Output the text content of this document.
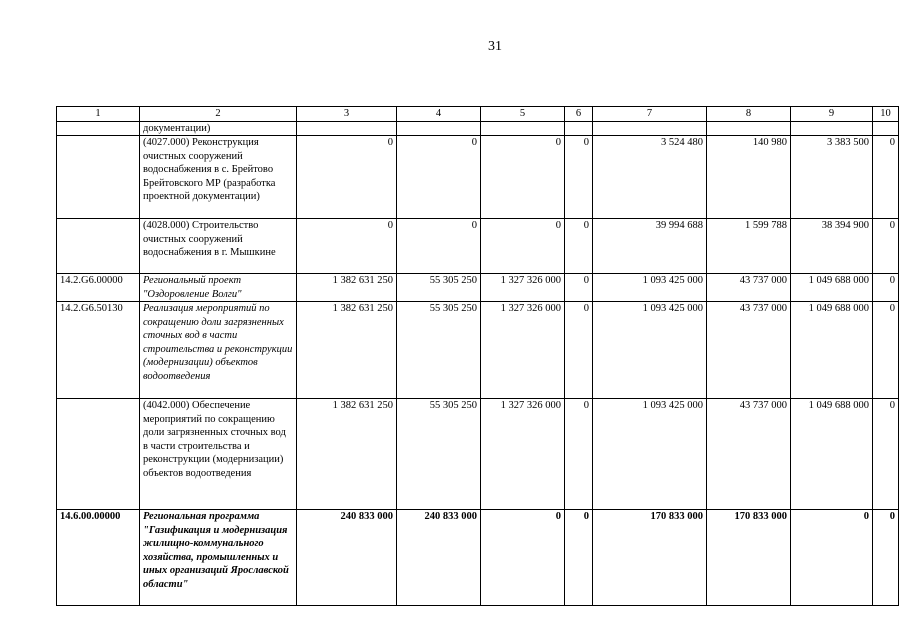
31
1	2	3	4	5	6	7	8	9	10
	документации)								
	(4027.000) Реконструкция очистных сооружений водоснабжения в с. Брейтово Брейтовского МР (разработка проектной документации)	0	0	0	0	3 524 480	140 980	3 383 500	0
	(4028.000) Строительство очистных сооружений водоснабжения в г. Мышкине	0	0	0	0	39 994 688	1 599 788	38 394 900	0
14.2.G6.00000	Региональный проект "Оздоровление Волги"	1 382 631 250	55 305 250	1 327 326 000	0	1 093 425 000	43 737 000	1 049 688 000	0
14.2.G6.50130	Реализация мероприятий по сокращению доли загрязненных сточных вод в части строительства и реконструкции (модернизации) объектов водоотведения	1 382 631 250	55 305 250	1 327 326 000	0	1 093 425 000	43 737 000	1 049 688 000	0
	(4042.000) Обеспечение мероприятий по сокращению доли загрязненных сточных вод в части строительства и реконструкции (модернизации) объектов водоотведения	1 382 631 250	55 305 250	1 327 326 000	0	1 093 425 000	43 737 000	1 049 688 000	0
14.6.00.00000	Региональная программа "Газификация и модернизация жилищно-коммунального хозяйства, промышленных и иных организаций Ярославской области"	240 833 000	240 833 000	0	0	170 833 000	170 833 000	0	0
